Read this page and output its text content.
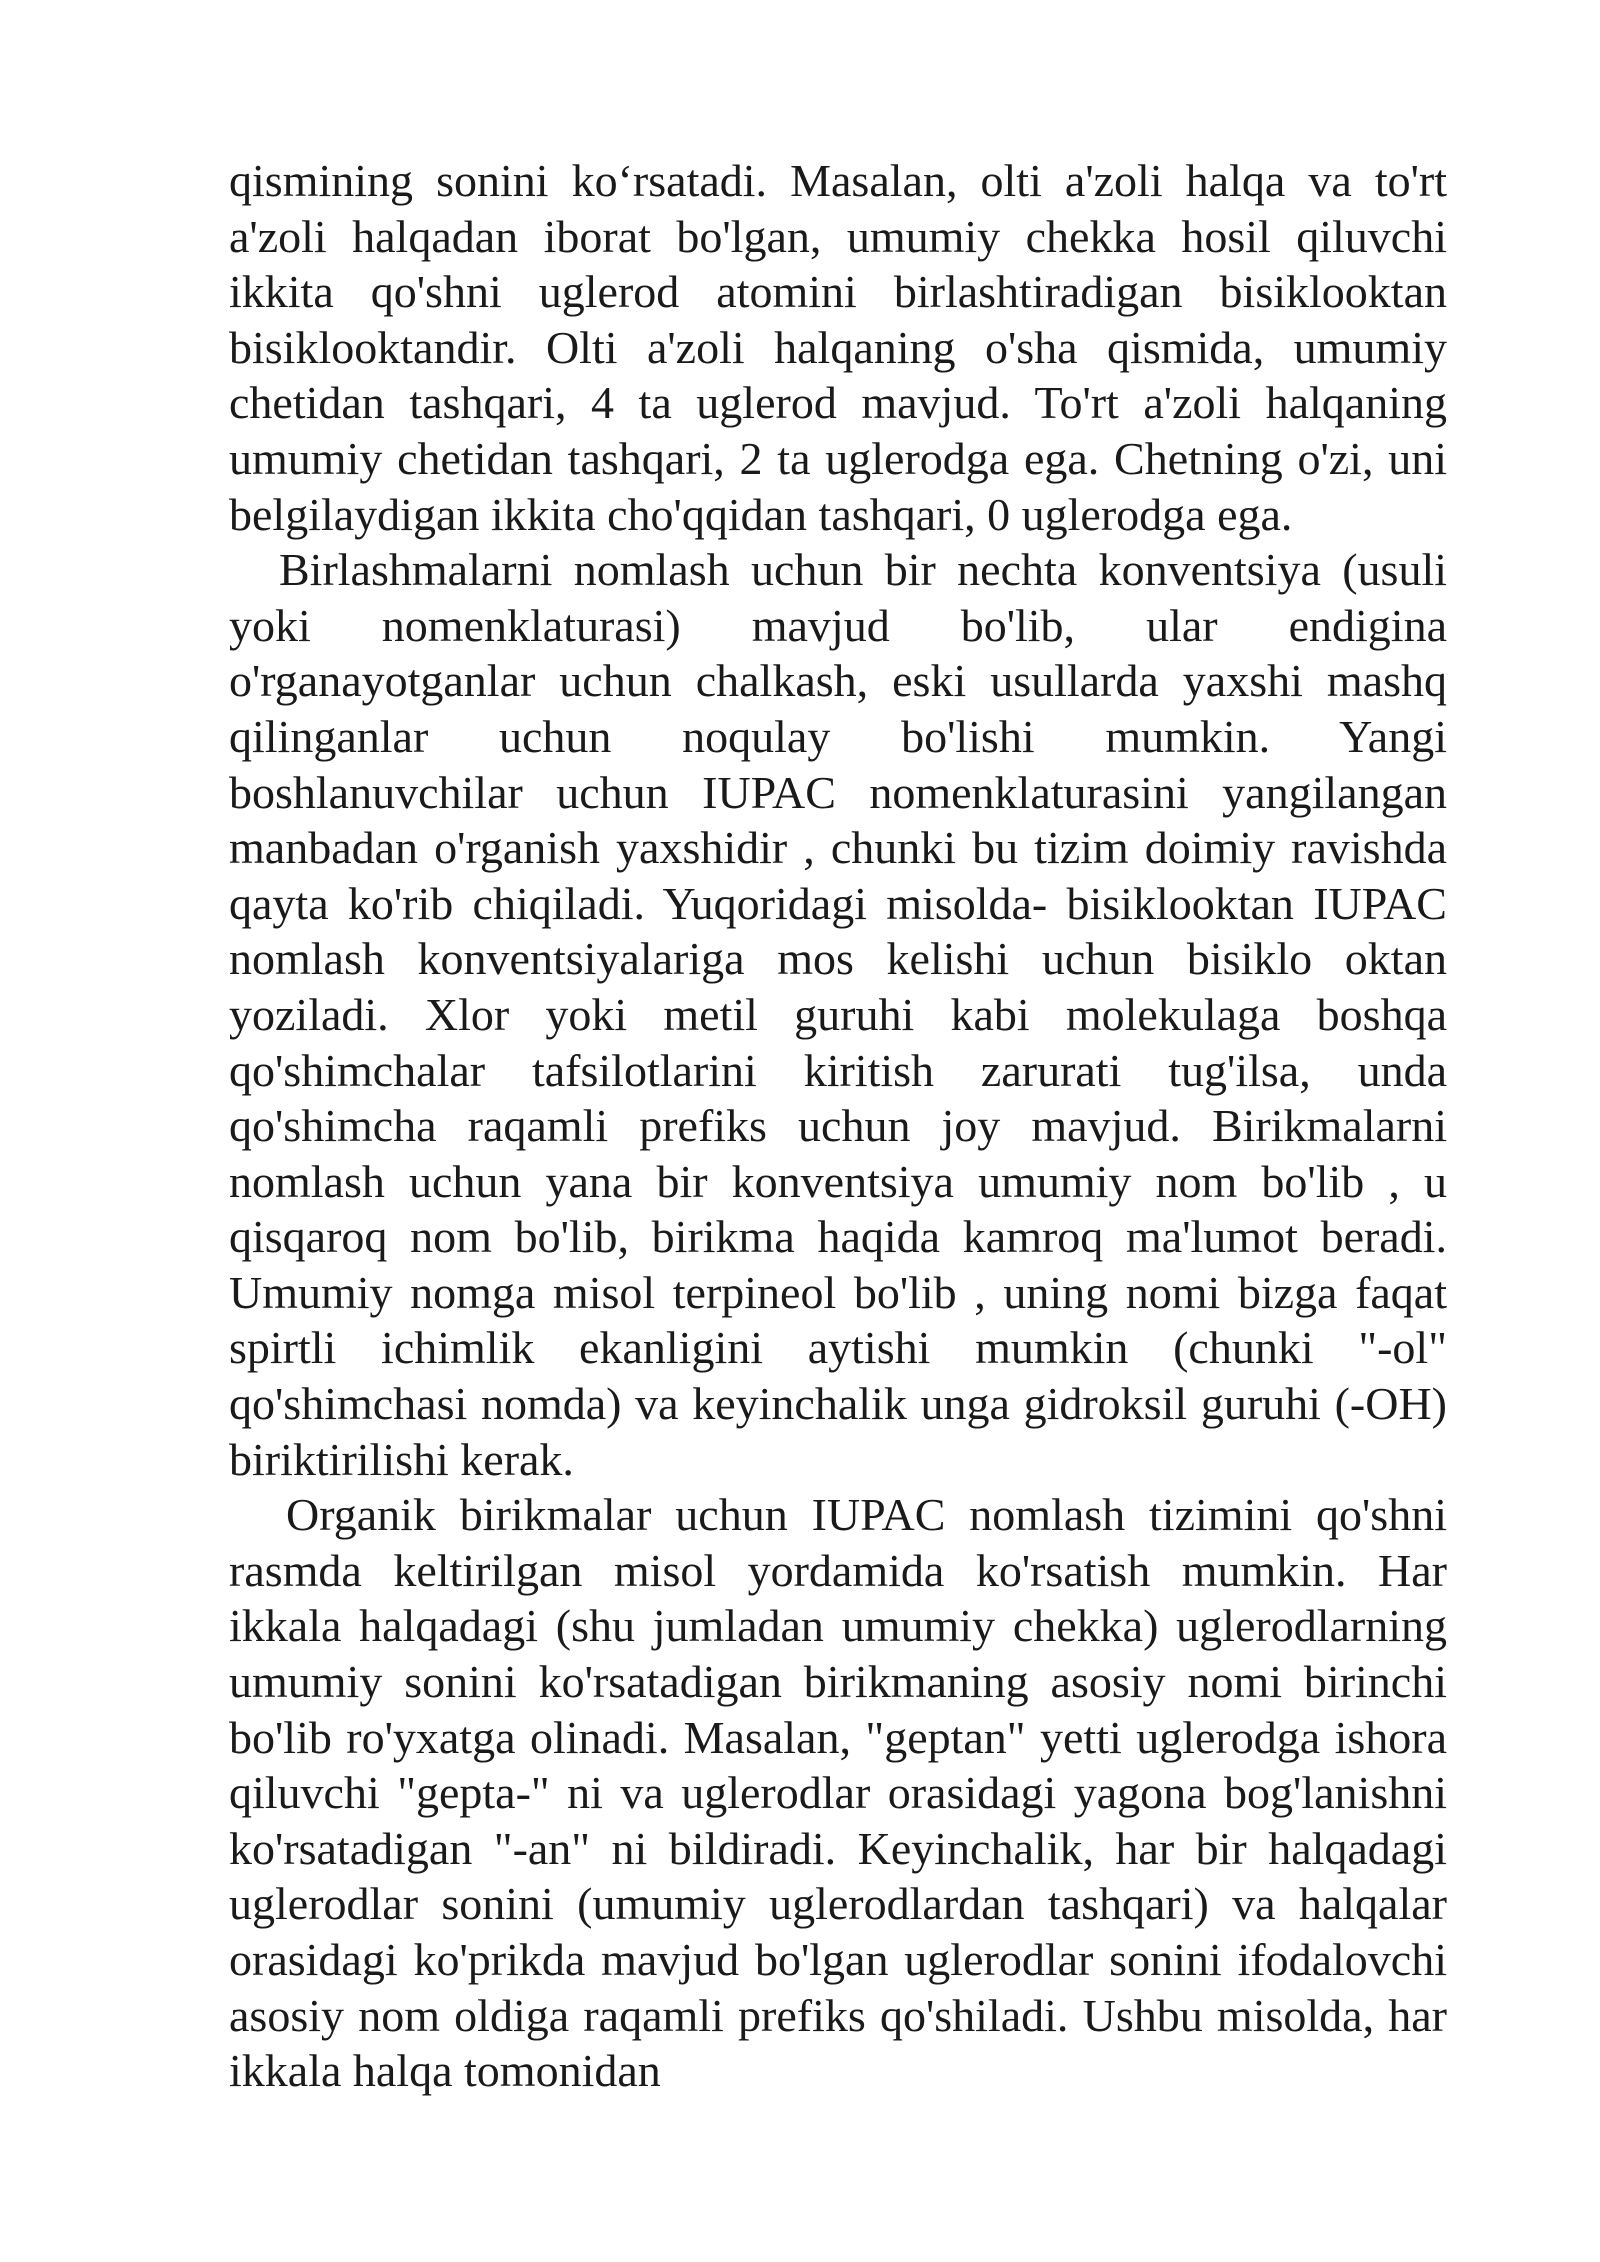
qismining sonini ko‘rsatadi. Masalan, olti a'zoli halqa va to'rt a'zoli halqadan iborat bo'lgan, umumiy chekka hosil qiluvchi ikkita qo'shni uglerod atomini birlashtiradigan bisiklooktan bisiklooktandir. Olti a'zoli halqaning o'sha qismida, umumiy chetidan tashqari, 4 ta uglerod mavjud. To'rt a'zoli halqaning umumiy chetidan tashqari, 2 ta uglerodga ega. Chetning o'zi, uni belgilaydigan ikkita cho'qqidan tashqari, 0 uglerodga ega.

Birlashmalarni nomlash uchun bir nechta konventsiya (usuli yoki nomenklaturasi) mavjud bo'lib, ular endigina o'rganayotganlar uchun chalkash, eski usullarda yaxshi mashq qilinganlar uchun noqulay bo'lishi mumkin. Yangi boshlanuvchilar uchun IUPAC nomenklaturasini yangilangan manbadan o'rganish yaxshidir , chunki bu tizim doimiy ravishda qayta ko'rib chiqiladi. Yuqoridagi misolda- bisiklooktan IUPAC nomlash konventsiyalariga mos kelishi uchun bisiklo oktan yoziladi. Xlor yoki metil guruhi kabi molekulaga boshqa qo'shimchalar tafsilotlarini kiritish zarurati tug'ilsa, unda qo'shimcha raqamli prefiks uchun joy mavjud. Birikmalarni nomlash uchun yana bir konventsiya umumiy nom bo'lib , u qisqaroq nom bo'lib, birikma haqida kamroq ma'lumot beradi. Umumiy nomga misol terpineol bo'lib , uning nomi bizga faqat spirtli ichimlik ekanligini aytishi mumkin (chunki "-ol" qo'shimchasi nomda) va keyinchalik unga gidroksil guruhi (-OH) biriktirilishi kerak.

Organik birikmalar uchun IUPAC nomlash tizimini qo'shni rasmda keltirilgan misol yordamida ko'rsatish mumkin. Har ikkala halqadagi (shu jumladan umumiy chekka) uglerodlarning umumiy sonini ko'rsatadigan birikmaning asosiy nomi birinchi bo'lib ro'yxatga olinadi. Masalan, "geptan" yetti uglerodga ishora qiluvchi "gepta-" ni va uglerodlar orasidagi yagona bog'lanishni ko'rsatadigan "-an" ni bildiradi. Keyinchalik, har bir halqadagi uglerodlar sonini (umumiy uglerodlardan tashqari) va halqalar orasidagi ko'prikda mavjud bo'lgan uglerodlar sonini ifodalovchi asosiy nom oldiga raqamli prefiks qo'shiladi. Ushbu misolda, har ikkala halqa tomonidan
